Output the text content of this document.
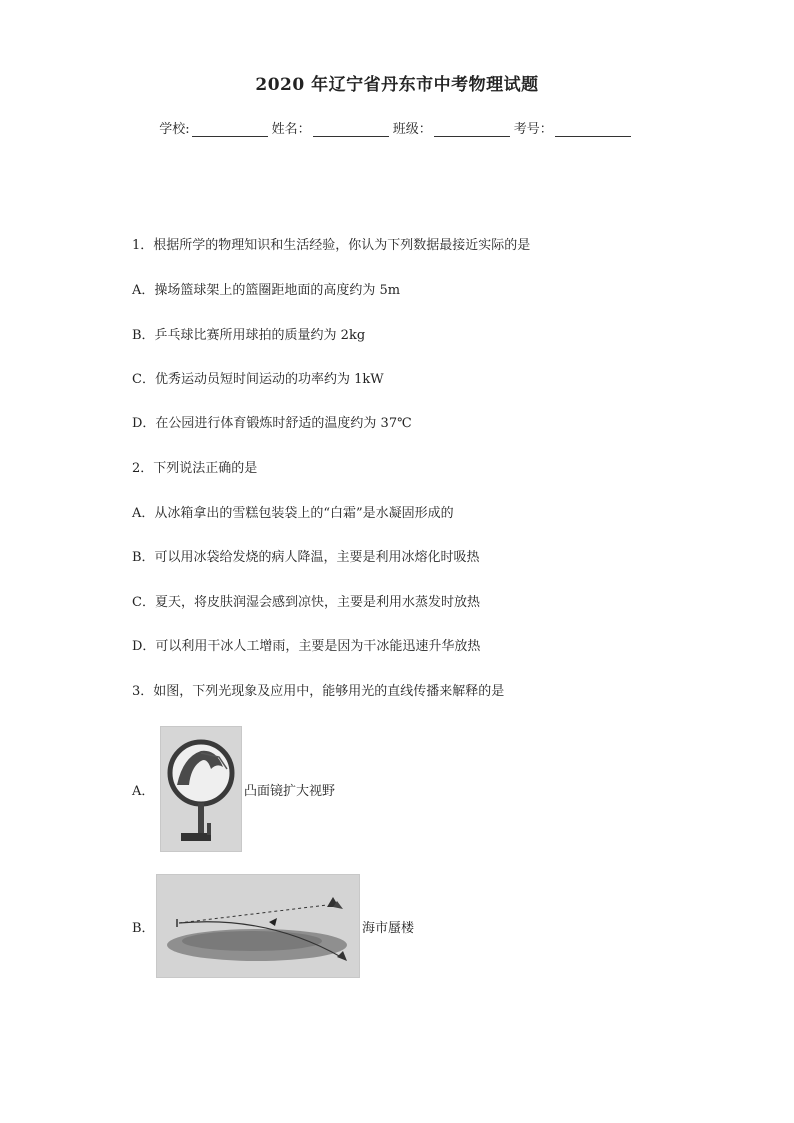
2020 年辽宁省丹东市中考物理试题
学校:	姓名：	班级：	考号：
1．根据所学的物理知识和生活经验，你认为下列数据最接近实际的是
A．操场篮球架上的篮圈距地面的高度约为 5m
B．乒乓球比赛所用球拍的质量约为 2kg
C．优秀运动员短时间运动的功率约为 1kW
D．在公园进行体育锻炼时舒适的温度约为 37℃
2．下列说法正确的是
A．从冰箱拿出的雪糕包装袋上的“白霜”是水凝固形成的
B．可以用冰袋给发烧的病人降温，主要是利用冰熔化时吸热
C．夏天，将皮肤润湿会感到凉快，主要是利用水蒸发时放热
D．可以利用干冰人工增雨，主要是因为干冰能迅速升华放热
3．如图，下列光现象及应用中，能够用光的直线传播来解释的是
A．	凸面镜扩大视野
B．	海市蜃楼
